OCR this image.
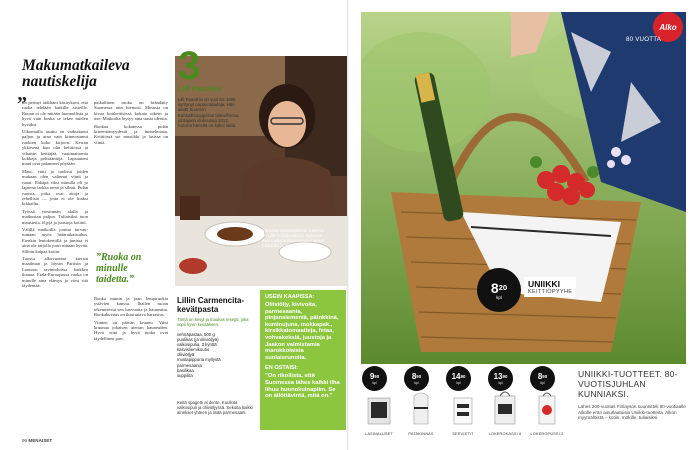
Makumatkaileva nautiskelija
”

lin perinyt äidiltäni käsityksen, että ruoka tehdään kaikille aisteille. Ruoan ei ole mitään luonnollista ja hyvä vain koska se tekee mielen hyväksi.

Ulkomailla asuttu on vaikuttanut paljon ja aina vain kiinnostunut ruokien koko kirjoon. Kerran ykkösenä kun olin keittiössä ja vihaisin keittäjää, vaatimattomia kokkeja pelisääntöjä. Lapsuuteni maut ovat palanneet pöytään.

Maut, värit ja tuoksut joiden mukaan olen valinnut viinit ja ruoat. Ehkäpä siksi minulla oli jo lapsena tarkka nenä ja silmä. Pidän ruoista, jotka ovat aitoja ja rehellisiä — joita ei ole liiaksi kikkailtu.

Työssä viestinnän alalla ja matkustan paljon. Tuliaisiksi tuon mausteita, öljyjä ja juustoja kotiini.

Välillä matkoilla joutuu turvautumaan myös hätäratkaisuihin. Etenkin lentokentillä ja junissa ei aina ole tarjolla juuri mitään hyvää. Silloin kaipaa kotiin.

Tuossa alkuvuonna kiersin maailman ja löysin Pariisin ja Lontoon ravintoloissa kaikkea ihanaa. Etelä-Euroopassa ruoka on minulle aina elämys ja viini sitä täydentää.

paikallinen ruoka on brändätty Suomessa niin hienosti. Minusta on kivaa kotikeittiössä kokata oikein ja itse. Matkoilta löytyy aina uusia ideoita.

Ruokaa kokatessa pidän kiireettömyydestä ja tunnelmasta. Keittiössä soi musiikki ja lasissa on viiniä.

”Ruoka on minulle taidetta.”

Ruoka minun ja jaan lempiruokia ystävien kanssa. Ihailen ruoan tekemisessä sen luovuutta ja kauneutta. Ruokakuvaus on ihastuttava harrastus.

Viinien on päivän kruunu. Viini kruunaa jokaisen aterian kauneuden. Hyvä viini ja hyvä ruoka ovat täydellinen pari.

3
Lilli Paasikivi
Lilli Paasikivi on vuonna 1965 syntynyt oopperalaulaja. Hän aloitti Suomen Kansallisoopperan taiteellisena johtajana elokuussa 2013. Kotona hänellä on kaksi lasta.
Kuvassa vasemmalla on Camelia on Lillin kotitalousklubi. Kuvassa ovat mukana iltavieraineen lapset, kotiruoka ja viini.
Lillin Carmencita-kevätpasta
Tämä on kevyt ja maukas resepti, joka sopii hyvin kevääseen.
vehnäpastaa, 500 g
puolikas (ja oliiviöljyä)
valkosipulia, 3 kynttä
kasvisliemikuutio
oliiviöljyä
mustapippuria myllystä
parmesaania
basilikaa
suppilita
Keitä spagetti al dente. Kuullota valkosipuli ja oliiviöljyssä. Sekoita kaikki ainekset yhteen ja lisää parmesaani.
USEIN KAAPISSA:
Oliiviöljy, kivivoita, parmesaania, pinjansiemeniä, päinkkinä, kuminujuna, mokkapak., kirsikkatomaatteja, fetaa, vohvakeksiä, juustoja ja Jaakon valmistamia marokkolaisia suolaisrunoita.
EN OSTAISI:
”On rikollista, että Suomessa lähes kaikki ilha lihuu huonokuinapiim. Se on äilöttävintä, mitä on.”
96 MENAISET
Alko
80 VUOTTA
$8^{20}$
kpl
UNIIKKI
KEITTIÖPYYHE
$9^{90}$
kpl
LASINALUSET
$8^{90}$
kpl
PATAKINNAS
$14^{90}$
kpl
SERVIETIT
$13^{90}$
kpl
LOKEROKASSI 6
$8^{90}$
kpl
LOKEROPUSSI 2
UNIIKKI-TUOTTEET. 80-VUOTISJUHLAN KUNNIAKSI.
Lähes 200-vuotias Finlayson suunnitteli 80-vuotiaalle Alkolle erän ainutlaatuisia Uniikki-tuotteita. Alkon myymälöistä – kotiin, mökille, tuliaisiksi.
